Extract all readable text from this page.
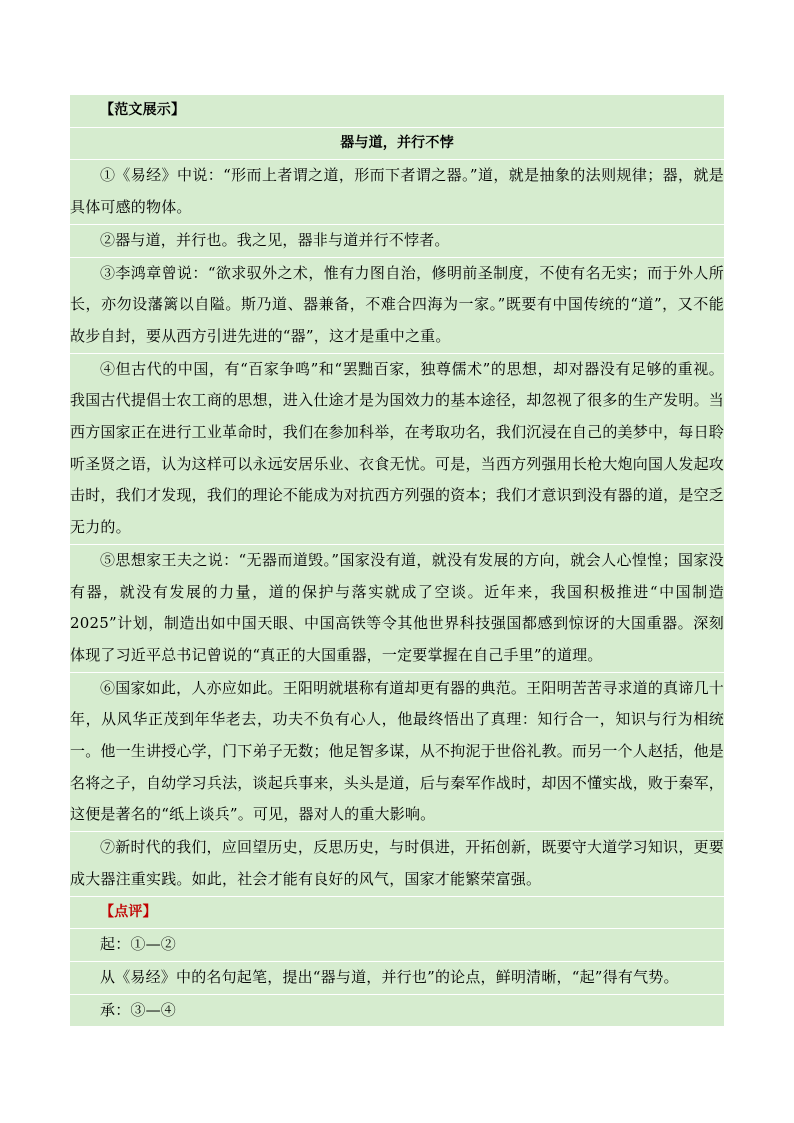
【范文展示】
器与道，并行不悖

①《易经》中说：“形而上者谓之道，形而下者谓之器。”道，就是抽象的法则规律；器，就是具体可感的物体。

②器与道，并行也。我之见，器非与道并行不悖者。

③李鸿章曾说：“欲求驭外之术，惟有力图自治，修明前圣制度，不使有名无实；而于外人所长，亦勿设藩篱以自隘。斯乃道、器兼备，不难合四海为一家。”既要有中国传统的“道”，又不能故步自封，要从西方引进先进的“器”，这才是重中之重。

④但古代的中国，有“百家争鸣”和“罢黜百家，独尊儒术”的思想，却对器没有足够的重视。我国古代提倡士农工商的思想，进入仕途才是为国效力的基本途径，却忽视了很多的生产发明。当西方国家正在进行工业革命时，我们在参加科举，在考取功名，我们沉浸在自己的美梦中，每日聆听圣贤之语，认为这样可以永远安居乐业、衣食无忧。可是，当西方列强用长枪大炮向国人发起攻击时，我们才发现，我们的理论不能成为对抗西方列强的资本；我们才意识到没有器的道，是空乏无力的。

⑤思想家王夫之说：“无器而道毁。”国家没有道，就没有发展的方向，就会人心惶惶；国家没有器，就没有发展的力量，道的保护与落实就成了空谈。近年来，我国积极推进“中国制造 2025”计划，制造出如中国天眼、中国高铁等令其他世界科技强国都感到惊讶的大国重器。深刻体现了习近平总书记曾说的“真正的大国重器，一定要掌握在自己手里”的道理。

⑥国家如此，人亦应如此。王阳明就堪称有道却更有器的典范。王阳明苦苦寻求道的真谛几十年，从风华正茂到年华老去，功夫不负有心人，他最终悟出了真理：知行合一，知识与行为相统一。他一生讲授心学，门下弟子无数；他足智多谋，从不拘泥于世俗礼教。而另一个人赵括，他是名将之子，自幼学习兵法，谈起兵事来，头头是道，后与秦军作战时，却因不懂实战，败于秦军，这便是著名的“纸上谈兵”。可见，器对人的重大影响。

⑦新时代的我们，应回望历史，反思历史，与时俱进，开拓创新，既要守大道学习知识，更要成大器注重实践。如此，社会才能有良好的风气，国家才能繁荣富强。

【点评】

起：①—②

从《易经》中的名句起笔，提出“器与道，并行也”的论点，鲜明清晰，“起”得有气势。

承：③—④
